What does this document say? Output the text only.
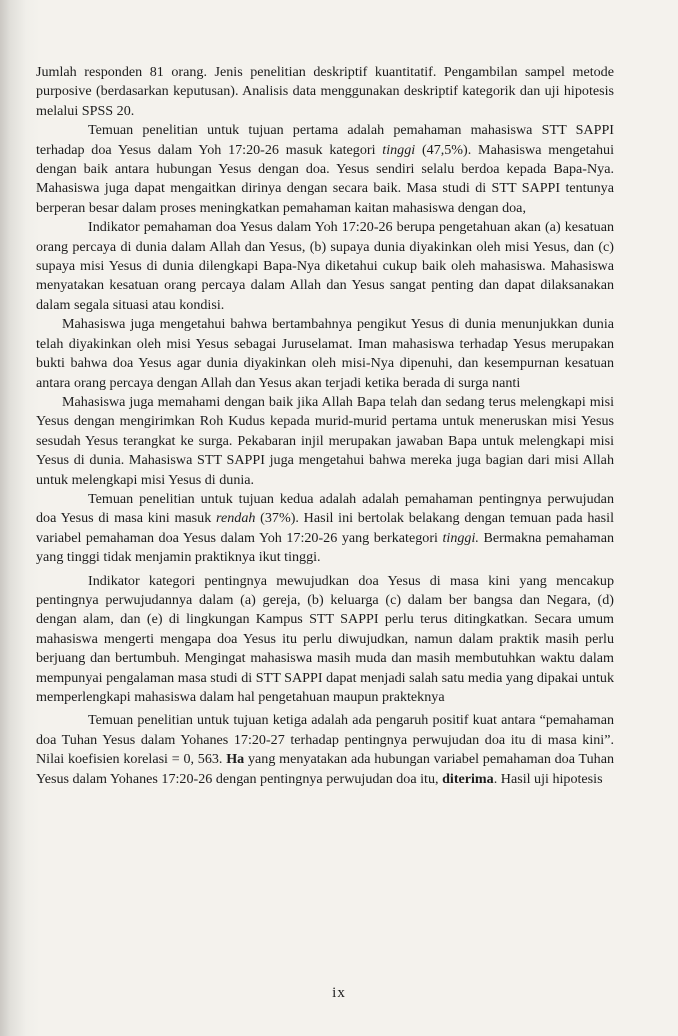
Jumlah responden 81 orang. Jenis penelitian deskriptif kuantitatif. Pengambilan sampel metode purposive (berdasarkan keputusan). Analisis data menggunakan deskriptif kategorik dan uji hipotesis melalui SPSS 20.

Temuan penelitian untuk tujuan pertama adalah pemahaman mahasiswa STT SAPPI terhadap doa Yesus dalam Yoh 17:20-26 masuk kategori tinggi (47,5%). Mahasiswa mengetahui dengan baik antara hubungan Yesus dengan doa. Yesus sendiri selalu berdoa kepada Bapa-Nya. Mahasiswa juga dapat mengaitkan dirinya dengan secara baik. Masa studi di STT SAPPI tentunya berperan besar dalam proses meningkatkan pemahaman kaitan mahasiswa dengan doa,

Indikator pemahaman doa Yesus dalam Yoh 17:20-26 berupa pengetahuan akan (a) kesatuan orang percaya di dunia dalam Allah dan Yesus, (b) supaya dunia diyakinkan oleh misi Yesus, dan (c) supaya misi Yesus di dunia dilengkapi Bapa-Nya diketahui cukup baik oleh mahasiswa. Mahasiswa menyatakan kesatuan orang percaya dalam Allah dan Yesus sangat penting dan dapat dilaksanakan dalam segala situasi atau kondisi.

Mahasiswa juga mengetahui bahwa bertambahnya pengikut Yesus di dunia menunjukkan dunia telah diyakinkan oleh misi Yesus sebagai Juruselamat. Iman mahasiswa terhadap Yesus merupakan bukti bahwa doa Yesus agar dunia diyakinkan oleh misi-Nya dipenuhi, dan kesempurnan kesatuan antara orang percaya dengan Allah dan Yesus akan terjadi ketika berada di surga nanti

Mahasiswa juga memahami dengan baik jika Allah Bapa telah dan sedang terus melengkapi misi Yesus dengan mengirimkan Roh Kudus kepada murid-murid pertama untuk meneruskan misi Yesus sesudah Yesus terangkat ke surga. Pekabaran injil merupakan jawaban Bapa untuk melengkapi misi Yesus di dunia. Mahasiswa STT SAPPI juga mengetahui bahwa mereka juga bagian dari misi Allah untuk melengkapi misi Yesus di dunia.

Temuan penelitian untuk tujuan kedua adalah adalah pemahaman pentingnya perwujudan doa Yesus di masa kini masuk rendah (37%). Hasil ini bertolak belakang dengan temuan pada hasil variabel pemahaman doa Yesus dalam Yoh 17:20-26 yang berkategori tinggi. Bermakna pemahaman yang tinggi tidak menjamin praktiknya ikut tinggi.

Indikator kategori pentingnya mewujudkan doa Yesus di masa kini yang mencakup pentingnya perwujudannya dalam (a) gereja, (b) keluarga (c) dalam ber bangsa dan Negara, (d) dengan alam, dan (e) di lingkungan Kampus STT SAPPI perlu terus ditingkatkan. Secara umum mahasiswa mengerti mengapa doa Yesus itu perlu diwujudkan, namun dalam praktik masih perlu berjuang dan bertumbuh. Mengingat mahasiswa masih muda dan masih membutuhkan waktu dalam mempunyai pengalaman masa studi di STT SAPPI dapat menjadi salah satu media yang dipakai untuk memperlengkapi mahasiswa dalam hal pengetahuan maupun prakteknya

Temuan penelitian untuk tujuan ketiga adalah ada pengaruh positif kuat antara “pemahaman doa Tuhan Yesus dalam Yohanes 17:20-27 terhadap pentingnya perwujudan doa itu di masa kini”. Nilai koefisien korelasi = 0, 563. Ha yang menyatakan ada hubungan variabel pemahaman doa Tuhan Yesus dalam Yohanes 17:20-26 dengan pentingnya perwujudan doa itu, diterima. Hasil uji hipotesis

ix
